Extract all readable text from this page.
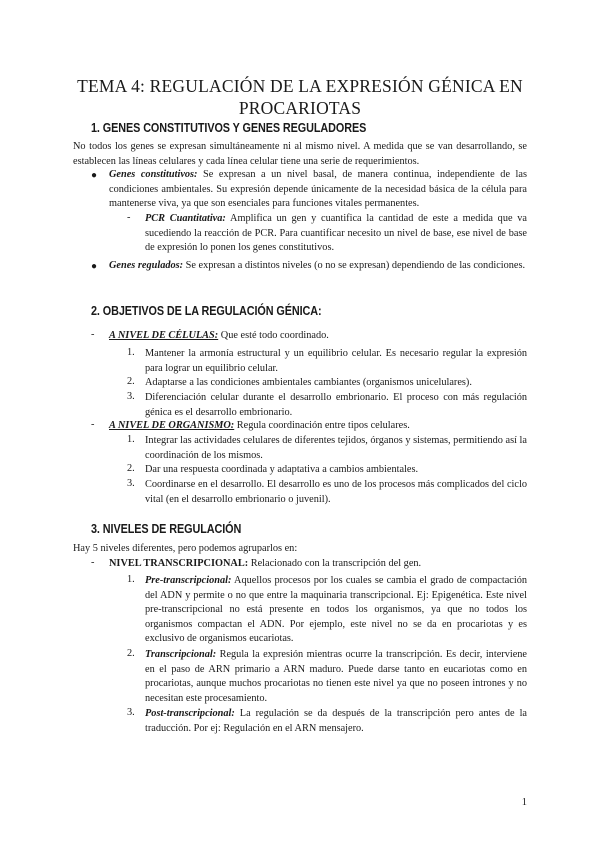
TEMA 4: REGULACIÓN DE LA EXPRESIÓN GÉNICA EN PROCARIOTAS
1. GENES CONSTITUTIVOS Y GENES REGULADORES
No todos los genes se expresan simultáneamente ni al mismo nivel. A medida que se van desarrollando, se establecen las líneas celulares y cada línea celular tiene una serie de requerimientos.
● Genes constitutivos: Se expresan a un nivel basal, de manera continua, independiente de las condiciones ambientales. Su expresión depende únicamente de la necesidad básica de la célula para mantenerse viva, ya que son esenciales para funciones vitales permanentes.
- PCR Cuantitativa: Amplifica un gen y cuantifica la cantidad de este a medida que va sucediendo la reacción de PCR. Para cuantificar necesito un nivel de base, ese nivel de base de expresión lo ponen los genes constitutivos.
● Genes regulados: Se expresan a distintos niveles (o no se expresan) dependiendo de las condiciones.
2. OBJETIVOS DE LA REGULACIÓN GÉNICA:
- A NIVEL DE CÉLULAS: Que esté todo coordinado.
1. Mantener la armonía estructural y un equilibrio celular. Es necesario regular la expresión para lograr un equilibrio celular.
2. Adaptarse a las condiciones ambientales cambiantes (organismos unicelulares).
3. Diferenciación celular durante el desarrollo embrionario. El proceso con más regulación génica es el desarrollo embrionario.
- A NIVEL DE ORGANISMO: Regula coordinación entre tipos celulares.
1. Integrar las actividades celulares de diferentes tejidos, órganos y sistemas, permitiendo así la coordinación de los mismos.
2. Dar una respuesta coordinada y adaptativa a cambios ambientales.
3. Coordinarse en el desarrollo. El desarrollo es uno de los procesos más complicados del ciclo vital (en el desarrollo embrionario o juvenil).
3. NIVELES DE REGULACIÓN
Hay 5 niveles diferentes, pero podemos agruparlos en:
- NIVEL TRANSCRIPCIONAL: Relacionado con la transcripción del gen.
1. Pre-transcripcional: Aquellos procesos por los cuales se cambia el grado de compactación del ADN y permite o no que entre la maquinaria transcripcional. Ej: Epigenética. Este nivel pre-transcripcional no está presente en todos los organismos, ya que no todos los organismos compactan el ADN. Por ejemplo, este nivel no se da en procariotas y es exclusivo de organismos eucariotas.
2. Transcripcional: Regula la expresión mientras ocurre la transcripción. Es decir, interviene en el paso de ARN primario a ARN maduro. Puede darse tanto en eucariotas como en procariotas, aunque muchos procariotas no tienen este nivel ya que no poseen intrones y no necesitan este procesamiento.
3. Post-transcripcional: La regulación se da después de la transcripción pero antes de la traducción. Por ej: Regulación en el ARN mensajero.
1
